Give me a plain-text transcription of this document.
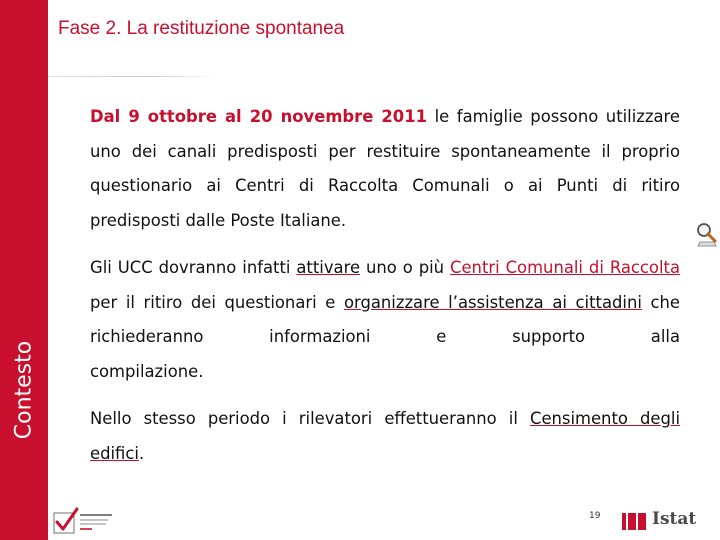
Contesto
Fase 2. La restituzione spontanea

Dal 9 ottobre al 20 novembre 2011 le famiglie possono utilizzare uno dei canali predisposti per restituire spontaneamente il proprio questionario ai Centri di Raccolta Comunali o ai Punti di ritiro predisposti dalle Poste Italiane.

Gli UCC dovranno infatti attivare uno o più Centri Comunali di Raccolta per il ritiro dei questionari e organizzare l’assistenza ai cittadini che richiederanno informazioni e supporto alla
compilazione.

Nello stesso periodo i rilevatori effettueranno il Censimento degli edifici.

19	Istat
